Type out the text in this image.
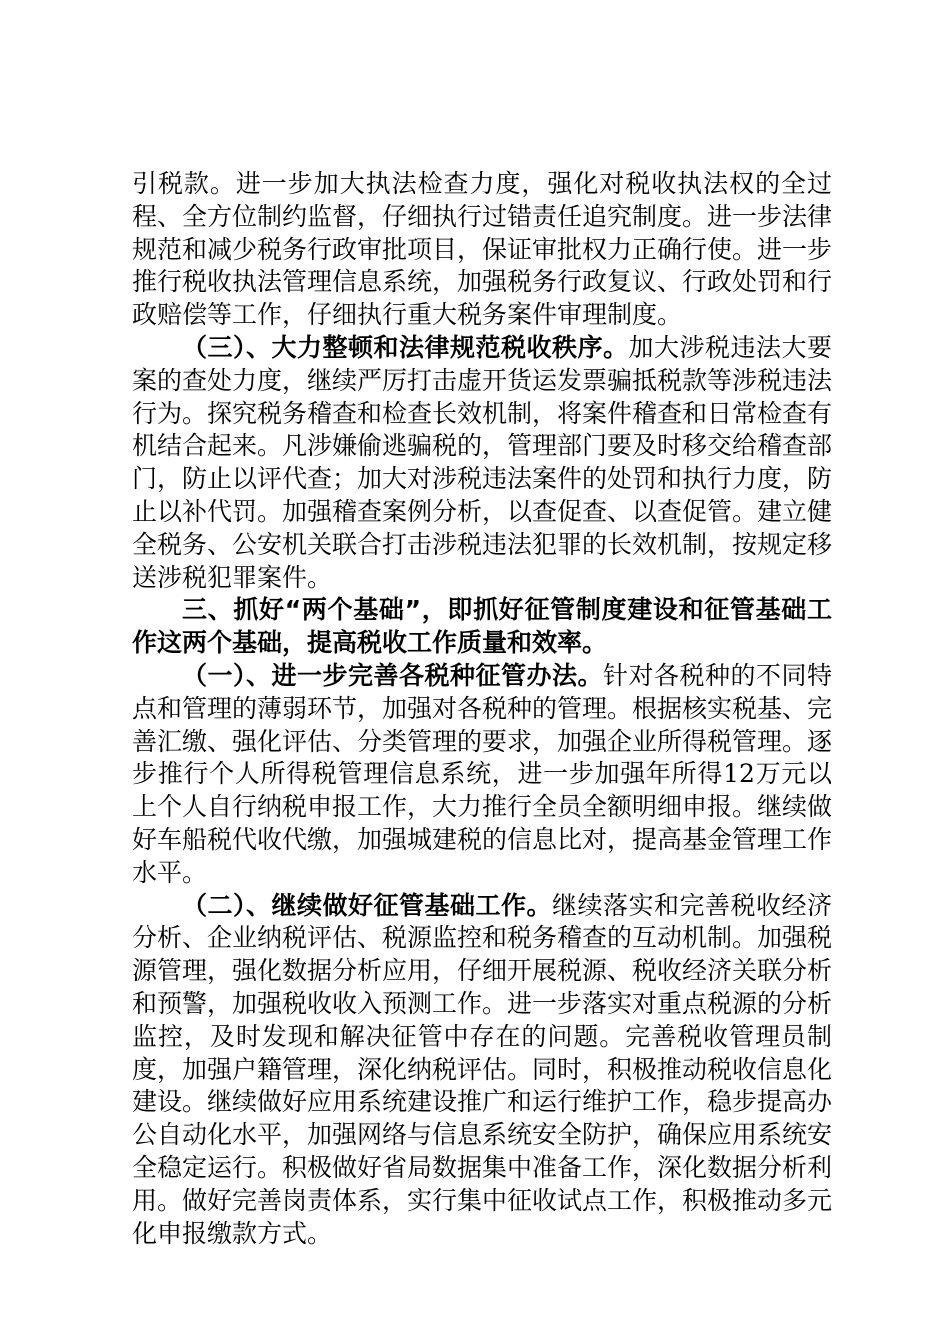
引税款。进一步加大执法检查力度，强化对税收执法权的全过程、全方位制约监督，仔细执行过错责任追究制度。进一步法律规范和减少税务行政审批项目，保证审批权力正确行使。进一步推行税收执法管理信息系统，加强税务行政复议、行政处罚和行政赔偿等工作，仔细执行重大税务案件审理制度。

（三）、大力整顿和法律规范税收秩序。加大涉税违法大要案的查处力度，继续严厉打击虚开货运发票骗抵税款等涉税违法行为。探究税务稽查和检查长效机制，将案件稽查和日常检查有机结合起来。凡涉嫌偷逃骗税的，管理部门要及时移交给稽查部门，防止以评代查；加大对涉税违法案件的处罚和执行力度，防止以补代罚。加强稽查案例分析，以查促查、以查促管。建立健全税务、公安机关联合打击涉税违法犯罪的长效机制，按规定移送涉税犯罪案件。

三、抓好“两个基础”，即抓好征管制度建设和征管基础工作这两个基础，提高税收工作质量和效率。

（一）、进一步完善各税种征管办法。针对各税种的不同特点和管理的薄弱环节，加强对各税种的管理。根据核实税基、完善汇缴、强化评估、分类管理的要求，加强企业所得税管理。逐步推行个人所得税管理信息系统，进一步加强年所得12万元以上个人自行纳税申报工作，大力推行全员全额明细申报。继续做好车船税代收代缴，加强城建税的信息比对，提高基金管理工作水平。

（二）、继续做好征管基础工作。继续落实和完善税收经济分析、企业纳税评估、税源监控和税务稽查的互动机制。加强税源管理，强化数据分析应用，仔细开展税源、税收经济关联分析和预警，加强税收收入预测工作。进一步落实对重点税源的分析监控，及时发现和解决征管中存在的问题。完善税收管理员制度，加强户籍管理，深化纳税评估。同时，积极推动税收信息化建设。继续做好应用系统建设推广和运行维护工作，稳步提高办公自动化水平，加强网络与信息系统安全防护，确保应用系统安全稳定运行。积极做好省局数据集中准备工作，深化数据分析利用。做好完善岗责体系，实行集中征收试点工作，积极推动多元化申报缴款方式。
